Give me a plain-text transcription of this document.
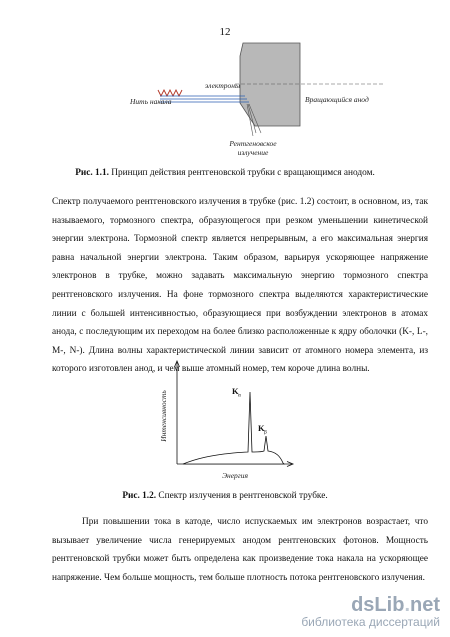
12
электроны
Нить накала	Вращающийся анод
Рентгеновское
излучение
Рис. 1.1. Принцип действия рентгеновской трубки с вращающимся анодом.

Спектр получаемого рентгеновского излучения в трубке (рис. 1.2) состоит, в основном, из, так называемого, тормозного спектра, образующегося при резком уменьшении кинетической энергии электрона. Тормозной спектр является непрерывным, а его максимальная энергия равна начальной энергии электрона. Таким образом, варьируя ускоряющее напряжение электронов в трубке, можно задавать максимальную энергию тормозного спектра рентгеновского излучения. На фоне тормозного спектра выделяются характеристические линии с большей интенсивностью, образующиеся при возбуждении электронов в атомах анода, с последующим их переходом на более близко расположенные к ядру оболочки (K-, L-, M-, N-). Длина волны характеристической линии зависит от атомного номера элемента, из которого изготовлен анод, и чем выше атомный номер, тем короче длина волны.

K α
K β
Интенсивность
Энергия
Рис. 1.2. Спектр излучения в рентгеновской трубке.

При повышении тока в катоде, число испускаемых им электронов возрастает, что вызывает увеличение числа генерируемых анодом рентгеновских фотонов. Мощность рентгеновской трубки может быть определена как произведение тока накала на ускоряющее напряжение. Чем больше мощность, тем больше плотность потока рентгеновского излучения.

dsLib.net
библиотека диссертаций
